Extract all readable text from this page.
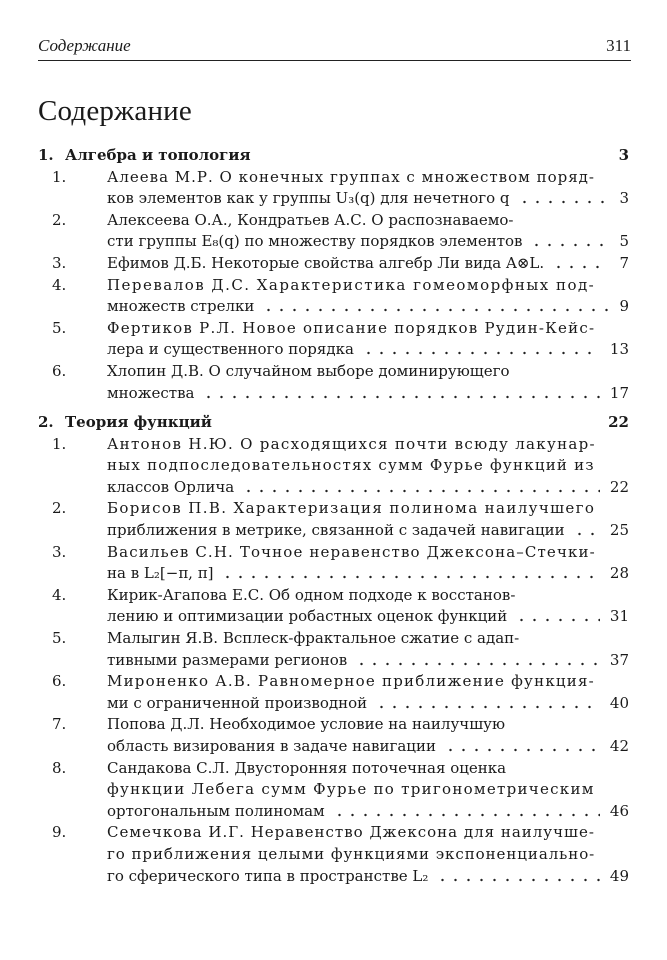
Содержание	311
Содержание
1. Алгебра и топология	3
1.	Алеева М.Р. О конечных группах с множеством поряд-
ков элементов как у группы U₃(q) для нечетного q	3
2.	Алексеева О.А., Кондратьев А.С. О распознаваемо-
сти группы E₈(q) по множеству порядков элементов	5
3.	Ефимов Д.Б. Некоторые свойства алгебр Ли вида A⊗L.	7
4.	Перевалов Д.С. Характеристика гомеоморфных под-
множеств стрелки	9
5.	Фертиков Р.Л. Новое описание порядков Рудин-Кейс-
лера и существенного порядка	13
6.	Хлопин Д.В. О случайном выборе доминирующего
множества	17
2. Теория функций	22
1.	Антонов Н.Ю. О расходящихся почти всюду лакунар-
ных подпоследовательностях сумм Фурье функций из
классов Орлича	22
2.	Борисов П.В. Характеризация полинома наилучшего
приближения в метрике, связанной с задачей навигации	25
3.	Васильев С.Н. Точное неравенство Джексона–Стечки-
на в L₂[−π, π]	28
4.	Кирик-Агапова Е.С. Об одном подходе к восстанов-
лению и оптимизации робастных оценок функций	31
5.	Малыгин Я.В. Всплеск-фрактальное сжатие с адап-
тивными размерами регионов	37
6.	Мироненко А.В. Равномерное приближение функция-
ми с ограниченной производной	40
7.	Попова Д.Л. Необходимое условие на наилучшую
область визирования в задаче навигации	42
8.	Сандакова С.Л. Двусторонняя поточечная оценка
функции Лебега сумм Фурье по тригонометрическим
ортогональным полиномам	46
9.	Семечкова И.Г. Неравенство Джексона для наилучше-
го приближения целыми функциями экспоненциально-
го сферического типа в пространстве L₂	49
